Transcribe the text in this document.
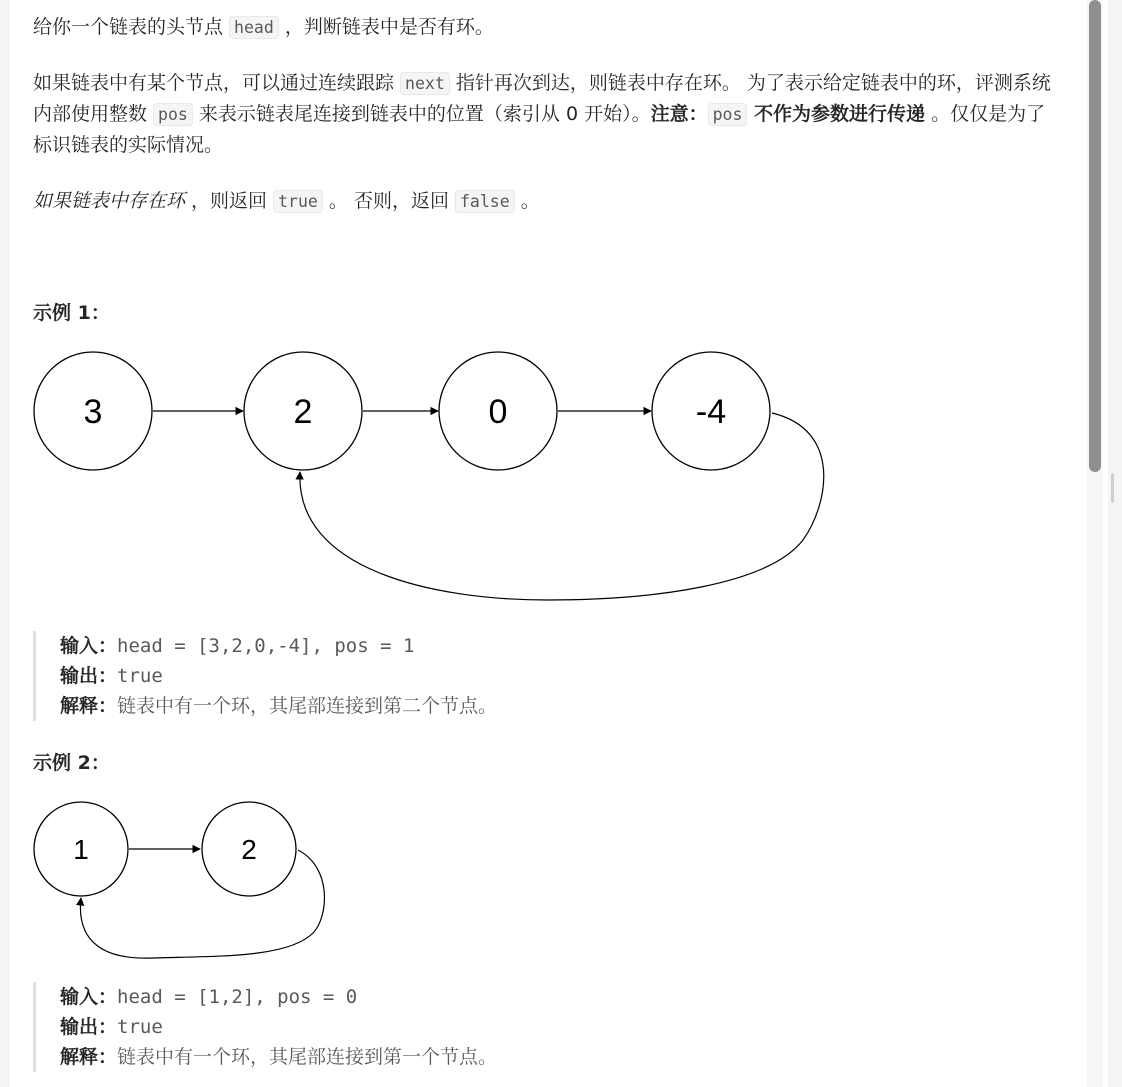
给你一个链表的头节点 head ，判断链表中是否有环。

如果链表中有某个节点，可以通过连续跟踪 next 指针再次到达，则链表中存在环。 为了表示给定链表中的环，评测系统内部使用整数 pos 来表示链表尾连接到链表中的位置（索引从 0 开始）。注意： pos 不作为参数进行传递 。仅仅是为了标识链表的实际情况。

如果链表中存在环 ，则返回 true 。 否则，返回 false 。

示例 1：

3	2	0	-4
输入：head = [3,2,0,-4], pos = 1
输出：true
解释：链表中有一个环，其尾部连接到第二个节点。

示例 2：

1	2
输入：head = [1,2], pos = 0
输出：true
解释：链表中有一个环，其尾部连接到第一个节点。
